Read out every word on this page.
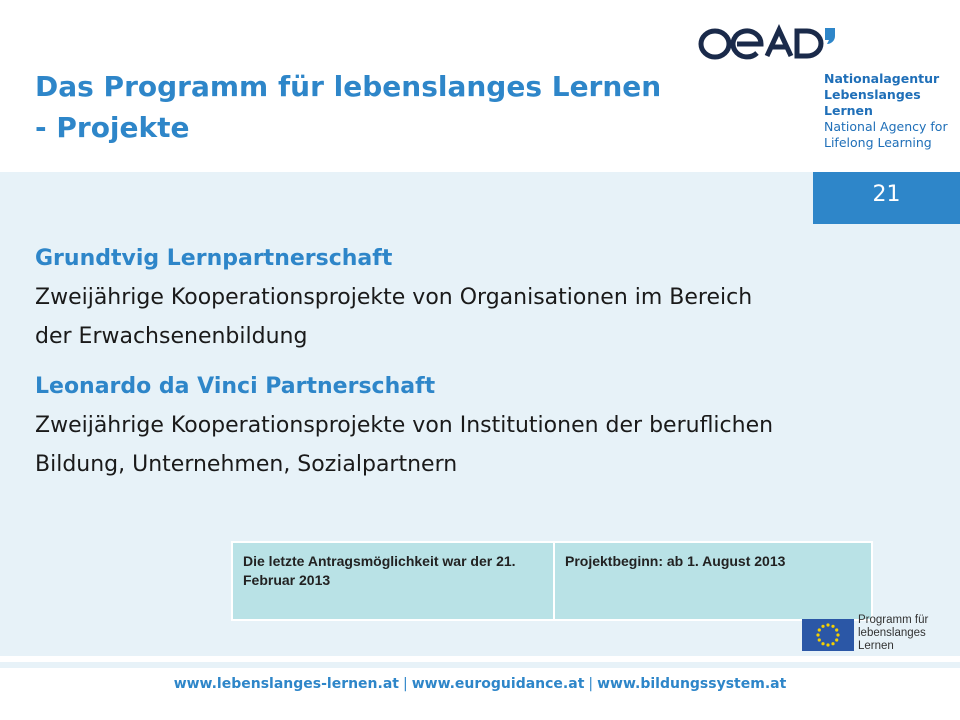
Das Programm für lebenslanges Lernen - Projekte
Nationalagentur
Lebenslanges Lernen
National Agency for
Lifelong Learning
21
Grundtvig Lernpartnerschaft
Zweijährige Kooperationsprojekte von Organisationen im Bereich der Erwachsenenbildung
Leonardo da Vinci Partnerschaft
Zweijährige Kooperationsprojekte von Institutionen der beruflichen Bildung, Unternehmen, Sozialpartnern
Die letzte Antragsmöglichkeit war der 21. Februar 2013	Projektbeginn: ab 1. August 2013
Programm für
lebenslanges
Lernen
www.lebenslanges-lernen.at | www.euroguidance.at | www.bildungssystem.at
